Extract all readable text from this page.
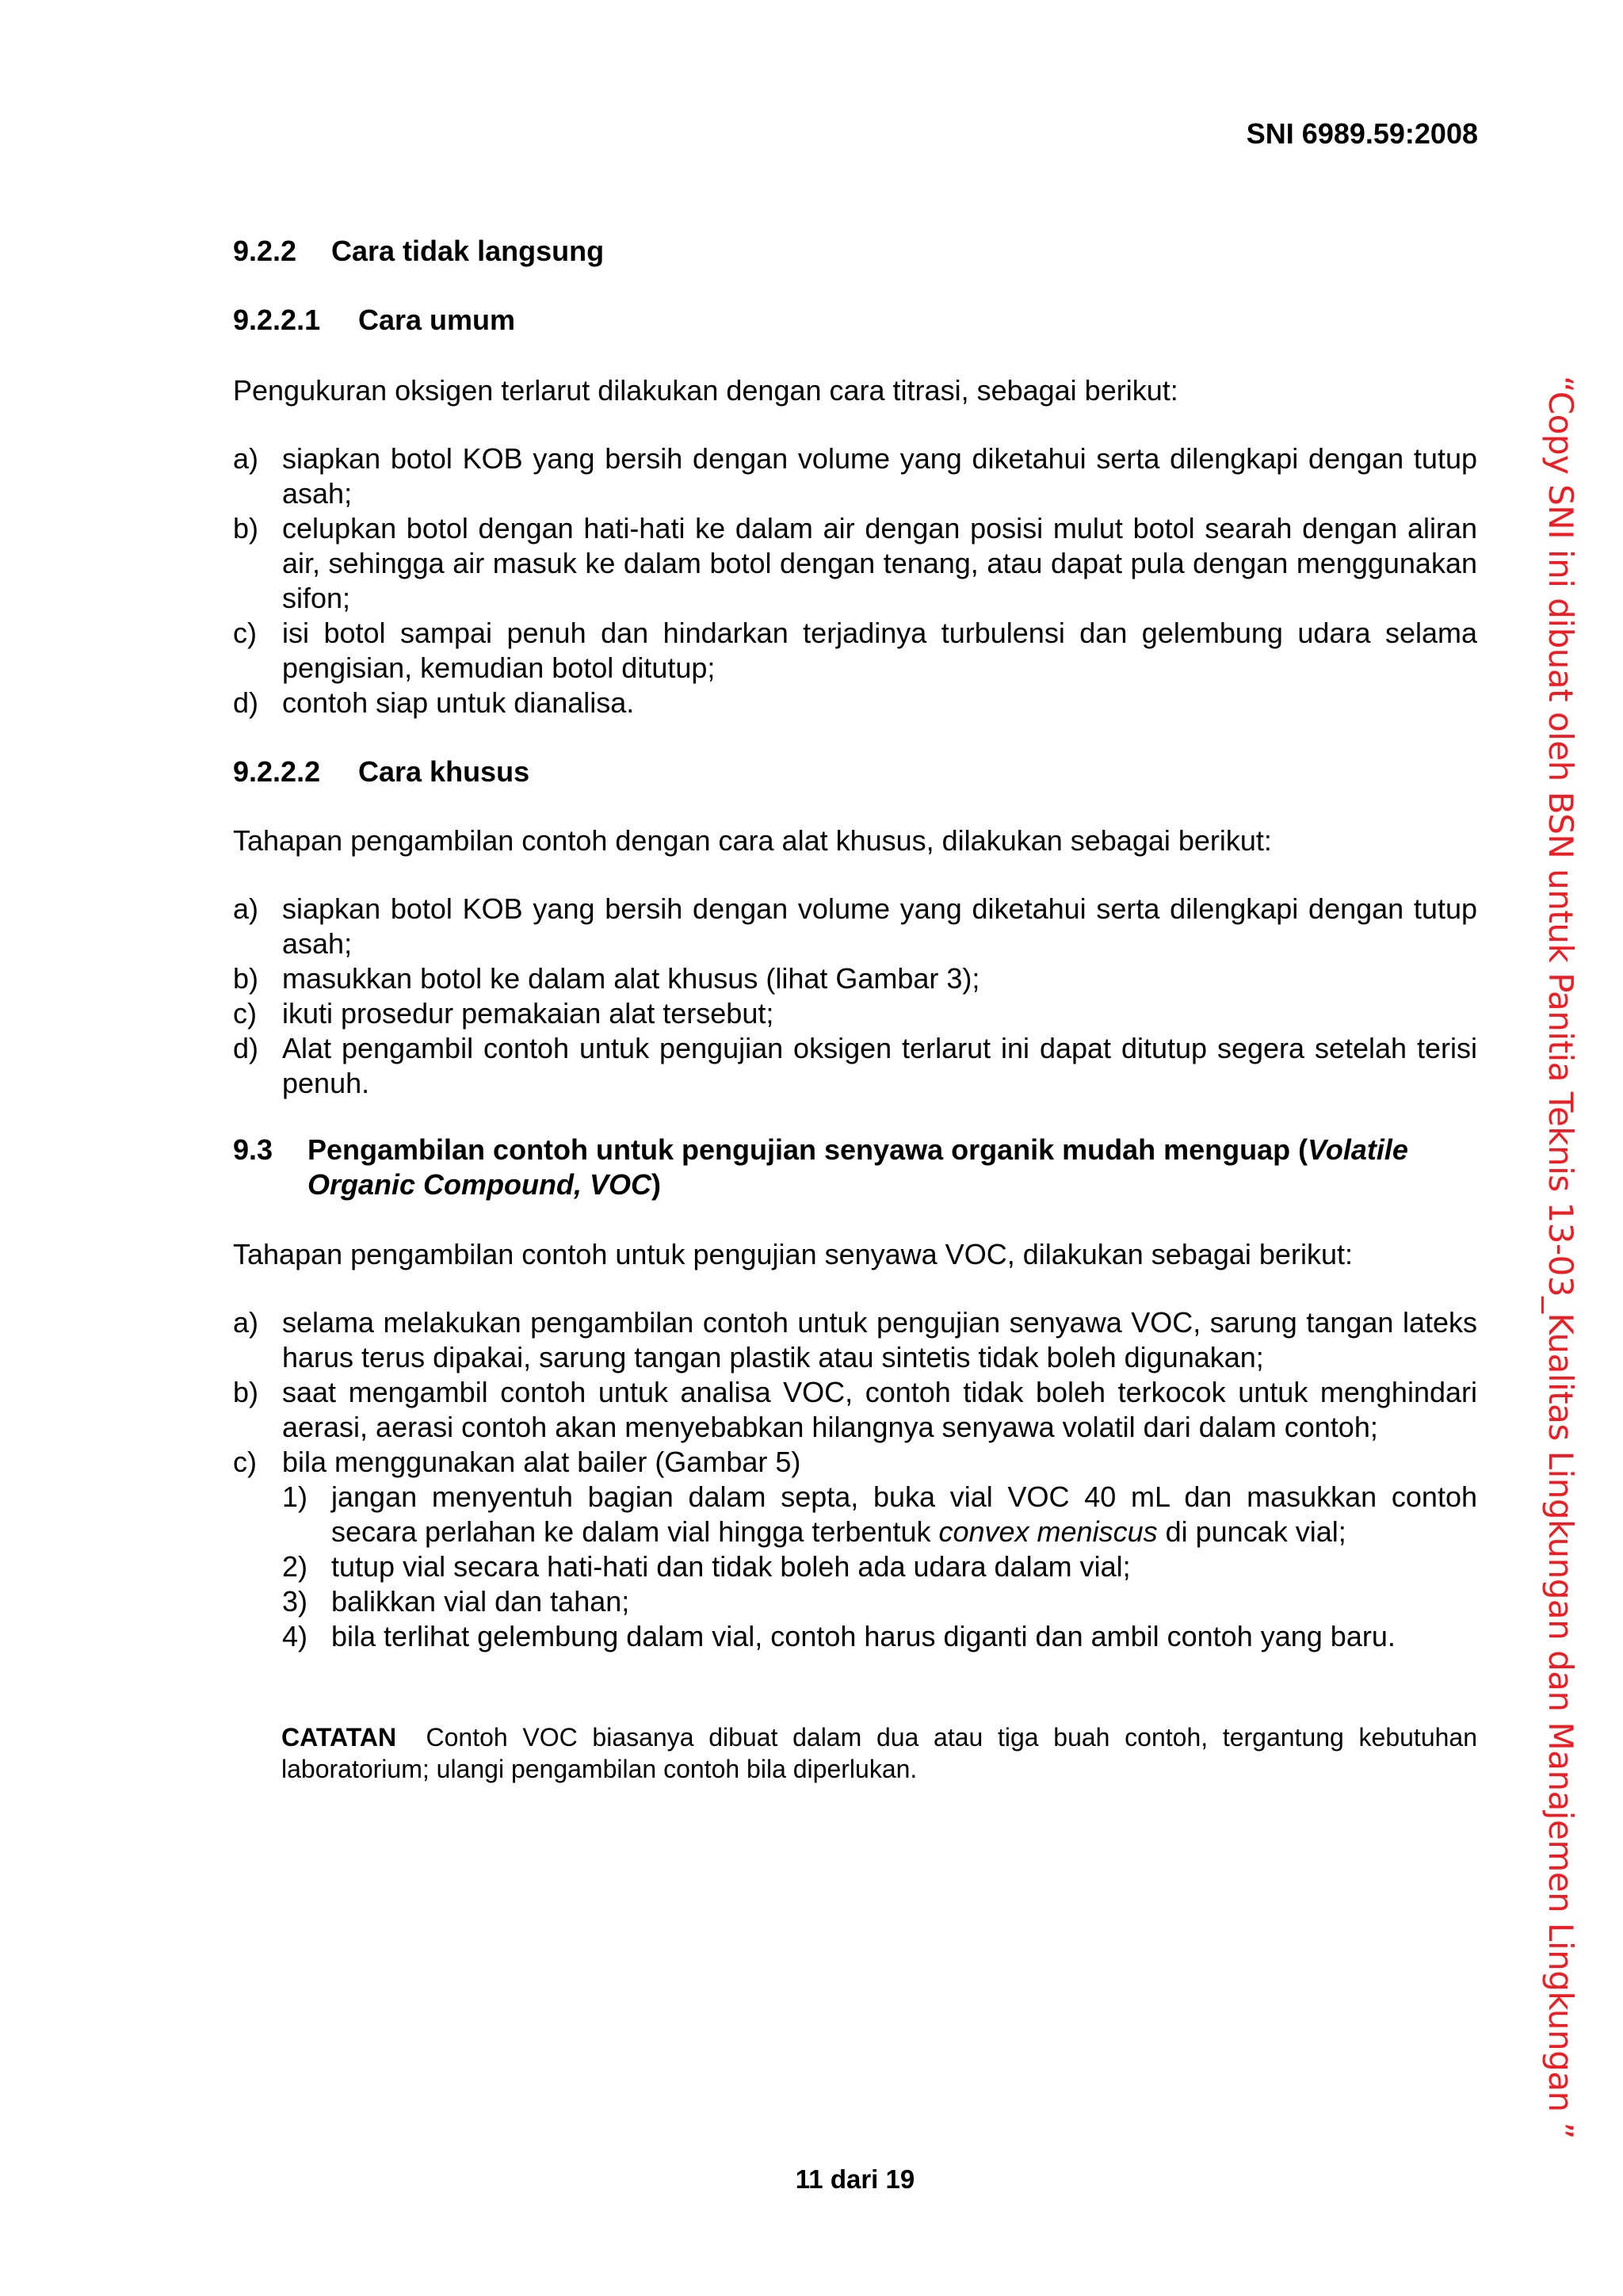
SNI 6989.59:2008
9.2.2 Cara tidak langsung
9.2.2.1 Cara umum
Pengukuran oksigen terlarut dilakukan dengan cara titrasi, sebagai berikut:
a) siapkan botol KOB yang bersih dengan volume yang diketahui serta dilengkapi dengan tutup asah;
b) celupkan botol dengan hati-hati ke dalam air dengan posisi mulut botol searah dengan aliran air, sehingga air masuk ke dalam botol dengan tenang, atau dapat pula dengan menggunakan sifon;
c) isi botol sampai penuh dan hindarkan terjadinya turbulensi dan gelembung udara selama pengisian, kemudian botol ditutup;
d) contoh siap untuk dianalisa.
9.2.2.2 Cara khusus
Tahapan pengambilan contoh dengan cara alat khusus, dilakukan sebagai berikut:
a) siapkan botol KOB yang bersih dengan volume yang diketahui serta dilengkapi dengan tutup asah;
b) masukkan botol ke dalam alat khusus (lihat Gambar 3);
c) ikuti prosedur pemakaian alat tersebut;
d) Alat pengambil contoh untuk pengujian oksigen terlarut ini dapat ditutup segera setelah terisi penuh.
9.3 Pengambilan contoh untuk pengujian senyawa organik mudah menguap (Volatile Organic Compound, VOC)
Tahapan pengambilan contoh untuk pengujian senyawa VOC, dilakukan sebagai berikut:
a) selama melakukan pengambilan contoh untuk pengujian senyawa VOC, sarung tangan lateks harus terus dipakai, sarung tangan plastik atau sintetis tidak boleh digunakan;
b) saat mengambil contoh untuk analisa VOC, contoh tidak boleh terkocok untuk menghindari aerasi, aerasi contoh akan menyebabkan hilangnya senyawa volatil dari dalam contoh;
c) bila menggunakan alat bailer (Gambar 5)
1) jangan menyentuh bagian dalam septa, buka vial VOC 40 mL dan masukkan contoh secara perlahan ke dalam vial hingga terbentuk convex meniscus di puncak vial;
2) tutup vial secara hati-hati dan tidak boleh ada udara dalam vial;
3) balikkan vial dan tahan;
4) bila terlihat gelembung dalam vial, contoh harus diganti dan ambil contoh yang baru.
CATATAN  Contoh VOC biasanya dibuat dalam dua atau tiga buah contoh, tergantung kebutuhan laboratorium; ulangi pengambilan contoh bila diperlukan.
11 dari 19
“Copy SNI ini dibuat oleh BSN untuk Panitia Teknis 13-03_Kualitas Lingkungan dan Manajemen Lingkungan ”
